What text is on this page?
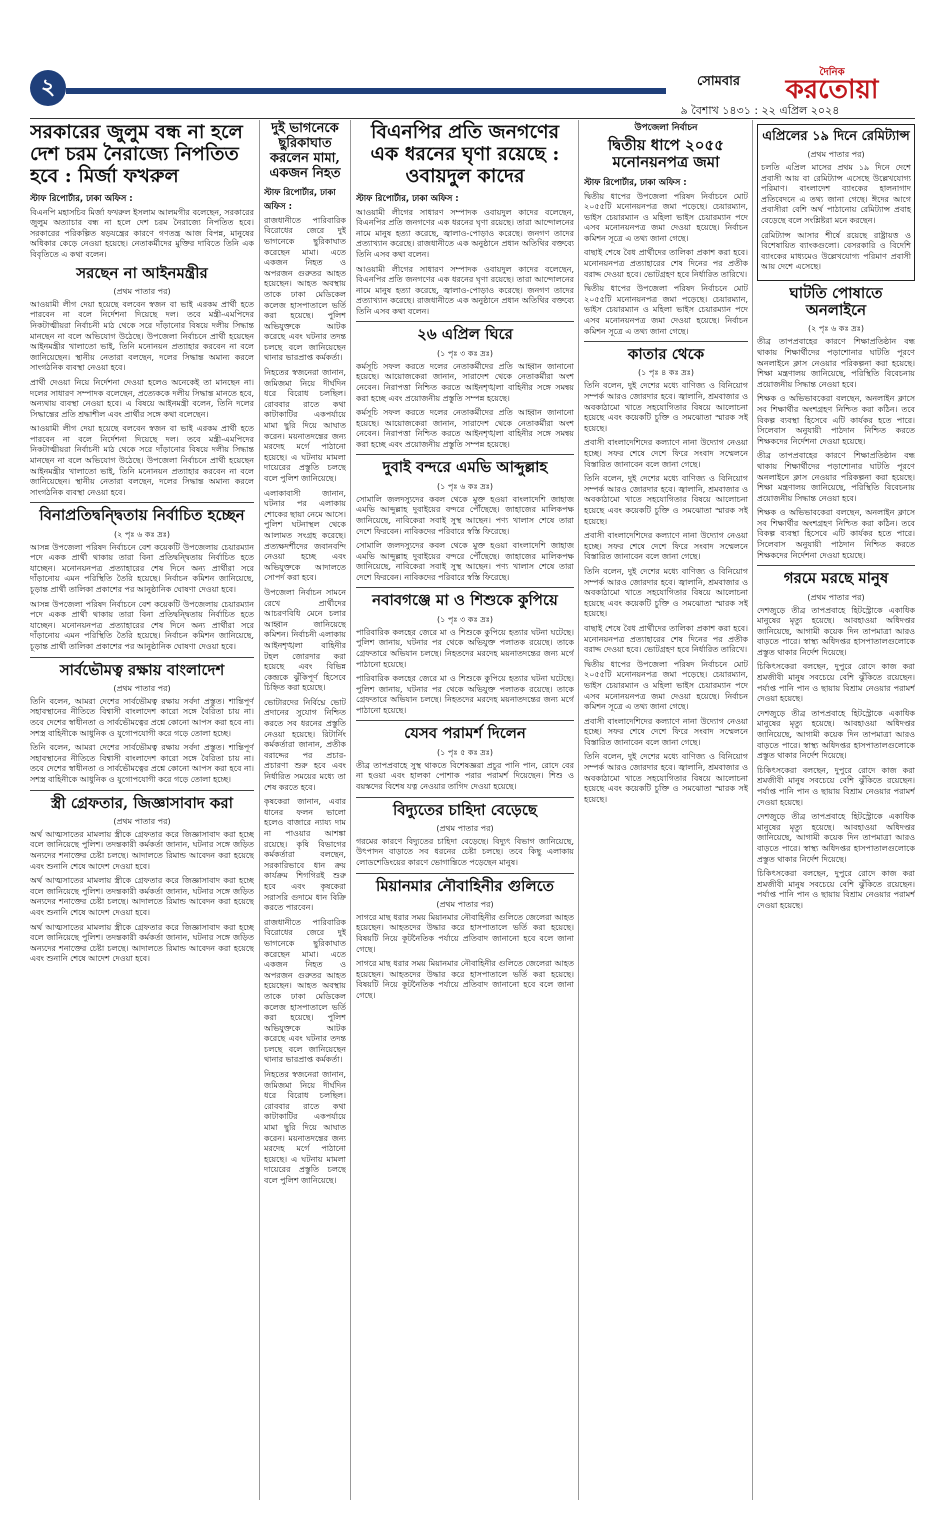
২	সোমবার
দৈনিক
করতোয়া
৯ বৈশাখ ১৪৩১ : ২২ এপ্রিল ২০২৪
সরকারের জুলুম বন্ধ না হলে দেশ চরম নৈরাজ্যে নিপতিত হবে : মির্জা ফখরুল
স্টাফ রিপোর্টার, ঢাকা অফিস :

বিএনপি মহাসচিব মির্জা ফখরুল ইসলাম আলমগীর বলেছেন, সরকারের জুলুম অত্যাচার বন্ধ না হলে দেশ চরম নৈরাজ্যে নিপতিত হবে। সরকারের পরিকল্পিত ষড়যন্ত্রের কারণে গণতন্ত্র আজ বিপন্ন, মানুষের অধিকার কেড়ে নেওয়া হয়েছে। নেতাকর্মীদের মুক্তির দাবিতে তিনি এক বিবৃতিতে এ কথা বলেন।

সরছেন না আইনমন্ত্রীর
(প্রথম পাতার পর)

আওয়ামী লীগ দেয়া হয়েছে বলবেন স্বজন বা ভাই এরকম প্রার্থী হতে পারবেন না বলে নির্দেশনা দিয়েছে দল। তবে মন্ত্রী-এমপিদের নিকটাত্মীয়রা নির্বাচনী মাঠ থেকে সরে দাঁড়ানোর বিষয়ে দলীয় সিদ্ধান্ত মানছেন না বলে অভিযোগ উঠেছে। উপজেলা নির্বাচনে প্রার্থী হয়েছেন আইনমন্ত্রীর খালাতো ভাই, তিনি মনোনয়ন প্রত্যাহার করবেন না বলে জানিয়েছেন। স্থানীয় নেতারা বলছেন, দলের সিদ্ধান্ত অমান্য করলে সাংগঠনিক ব্যবস্থা নেওয়া হবে।

প্রার্থী দেওয়া নিয়ে নির্দেশনা দেওয়া হলেও অনেকেই তা মানছেন না। দলের সাধারণ সম্পাদক বলেছেন, প্রত্যেককে দলীয় সিদ্ধান্ত মানতে হবে, অন্যথায় ব্যবস্থা নেওয়া হবে। এ বিষয়ে আইনমন্ত্রী বলেন, তিনি দলের সিদ্ধান্তের প্রতি শ্রদ্ধাশীল এবং প্রার্থীর সঙ্গে কথা বলেছেন।

আওয়ামী লীগ দেয়া হয়েছে বলবেন স্বজন বা ভাই এরকম প্রার্থী হতে পারবেন না বলে নির্দেশনা দিয়েছে দল। তবে মন্ত্রী-এমপিদের নিকটাত্মীয়রা নির্বাচনী মাঠ থেকে সরে দাঁড়ানোর বিষয়ে দলীয় সিদ্ধান্ত মানছেন না বলে অভিযোগ উঠেছে। উপজেলা নির্বাচনে প্রার্থী হয়েছেন আইনমন্ত্রীর খালাতো ভাই, তিনি মনোনয়ন প্রত্যাহার করবেন না বলে জানিয়েছেন। স্থানীয় নেতারা বলছেন, দলের সিদ্ধান্ত অমান্য করলে সাংগঠনিক ব্যবস্থা নেওয়া হবে।

বিনাপ্রতিদ্বন্দ্বিতায় নির্বাচিত হচ্ছেন
(২ পৃঃ ৬ কঃ দ্রঃ)

আসন্ন উপজেলা পরিষদ নির্বাচনে বেশ কয়েকটি উপজেলায় চেয়ারম্যান পদে একক প্রার্থী থাকায় তারা বিনা প্রতিদ্বন্দ্বিতায় নির্বাচিত হতে যাচ্ছেন। মনোনয়নপত্র প্রত্যাহারের শেষ দিনে অন্য প্রার্থীরা সরে দাঁড়ানোয় এমন পরিস্থিতি তৈরি হয়েছে। নির্বাচন কমিশন জানিয়েছে, চূড়ান্ত প্রার্থী তালিকা প্রকাশের পর আনুষ্ঠানিক ঘোষণা দেওয়া হবে।

আসন্ন উপজেলা পরিষদ নির্বাচনে বেশ কয়েকটি উপজেলায় চেয়ারম্যান পদে একক প্রার্থী থাকায় তারা বিনা প্রতিদ্বন্দ্বিতায় নির্বাচিত হতে যাচ্ছেন। মনোনয়নপত্র প্রত্যাহারের শেষ দিনে অন্য প্রার্থীরা সরে দাঁড়ানোয় এমন পরিস্থিতি তৈরি হয়েছে। নির্বাচন কমিশন জানিয়েছে, চূড়ান্ত প্রার্থী তালিকা প্রকাশের পর আনুষ্ঠানিক ঘোষণা দেওয়া হবে।

সার্বভৌমত্ব রক্ষায় বাংলাদেশ
(প্রথম পাতার পর)

তিনি বলেন, আমরা দেশের সার্বভৌমত্ব রক্ষায় সর্বদা প্রস্তুত। শান্তিপূর্ণ সহাবস্থানের নীতিতে বিশ্বাসী বাংলাদেশ কারো সঙ্গে বৈরিতা চায় না। তবে দেশের স্বাধীনতা ও সার্বভৌমত্বের প্রশ্নে কোনো আপস করা হবে না। সশস্ত্র বাহিনীকে আধুনিক ও যুগোপযোগী করে গড়ে তোলা হচ্ছে।

তিনি বলেন, আমরা দেশের সার্বভৌমত্ব রক্ষায় সর্বদা প্রস্তুত। শান্তিপূর্ণ সহাবস্থানের নীতিতে বিশ্বাসী বাংলাদেশ কারো সঙ্গে বৈরিতা চায় না। তবে দেশের স্বাধীনতা ও সার্বভৌমত্বের প্রশ্নে কোনো আপস করা হবে না। সশস্ত্র বাহিনীকে আধুনিক ও যুগোপযোগী করে গড়ে তোলা হচ্ছে।

স্ত্রী গ্রেফতার, জিজ্ঞাসাবাদ করা
(প্রথম পাতার পর)

অর্থ আত্মসাতের মামলায় স্ত্রীকে গ্রেফতার করে জিজ্ঞাসাবাদ করা হচ্ছে বলে জানিয়েছে পুলিশ। তদন্তকারী কর্মকর্তা জানান, ঘটনার সঙ্গে জড়িত অন্যদের শনাক্তের চেষ্টা চলছে। আদালতে রিমান্ড আবেদন করা হয়েছে এবং শুনানি শেষে আদেশ দেওয়া হবে।

অর্থ আত্মসাতের মামলায় স্ত্রীকে গ্রেফতার করে জিজ্ঞাসাবাদ করা হচ্ছে বলে জানিয়েছে পুলিশ। তদন্তকারী কর্মকর্তা জানান, ঘটনার সঙ্গে জড়িত অন্যদের শনাক্তের চেষ্টা চলছে। আদালতে রিমান্ড আবেদন করা হয়েছে এবং শুনানি শেষে আদেশ দেওয়া হবে।

অর্থ আত্মসাতের মামলায় স্ত্রীকে গ্রেফতার করে জিজ্ঞাসাবাদ করা হচ্ছে বলে জানিয়েছে পুলিশ। তদন্তকারী কর্মকর্তা জানান, ঘটনার সঙ্গে জড়িত অন্যদের শনাক্তের চেষ্টা চলছে। আদালতে রিমান্ড আবেদন করা হয়েছে এবং শুনানি শেষে আদেশ দেওয়া হবে।

দুই ভাগনেকে ছুরিকাঘাত করলেন মামা, একজন নিহত
স্টাফ রিপোর্টার, ঢাকা অফিস :

রাজধানীতে পারিবারিক বিরোধের জেরে দুই ভাগনেকে ছুরিকাঘাত করেছেন মামা। এতে একজন নিহত ও অপরজন গুরুতর আহত হয়েছেন। আহত অবস্থায় তাকে ঢাকা মেডিকেল কলেজ হাসপাতালে ভর্তি করা হয়েছে। পুলিশ অভিযুক্তকে আটক করেছে এবং ঘটনার তদন্ত চলছে বলে জানিয়েছেন থানার ভারপ্রাপ্ত কর্মকর্তা।

নিহতের স্বজনেরা জানান, জমিজমা নিয়ে দীর্ঘদিন ধরে বিরোধ চলছিল। রোববার রাতে কথা কাটাকাটির একপর্যায়ে মামা ছুরি দিয়ে আঘাত করেন। ময়নাতদন্তের জন্য মরদেহ মর্গে পাঠানো হয়েছে। এ ঘটনায় মামলা দায়েরের প্রস্তুতি চলছে বলে পুলিশ জানিয়েছে।

এলাকাবাসী জানান, ঘটনার পর এলাকায় শোকের ছায়া নেমে আসে। পুলিশ ঘটনাস্থল থেকে আলামত সংগ্রহ করেছে। প্রত্যক্ষদর্শীদের জবানবন্দি নেওয়া হচ্ছে এবং অভিযুক্তকে আদালতে সোপর্দ করা হবে।

উপজেলা নির্বাচন সামনে রেখে প্রার্থীদের আচরণবিধি মেনে চলার আহ্বান জানিয়েছে কমিশন। নির্বাচনী এলাকায় আইনশৃঙ্খলা বাহিনীর টহল জোরদার করা হয়েছে এবং বিভিন্ন কেন্দ্রকে ঝুঁকিপূর্ণ হিসেবে চিহ্নিত করা হয়েছে।

ভোটারদের নির্বিঘ্নে ভোট প্রদানের সুযোগ নিশ্চিত করতে সব ধরনের প্রস্তুতি নেওয়া হয়েছে। রিটার্নিং কর্মকর্তারা জানান, প্রতীক বরাদ্দের পর প্রচার-প্রচারণা শুরু হবে এবং নির্ধারিত সময়ের মধ্যে তা শেষ করতে হবে।

কৃষকেরা জানান, এবার ধানের ফলন ভালো হলেও বাজারে ন্যায্য দাম না পাওয়ার আশঙ্কা রয়েছে। কৃষি বিভাগের কর্মকর্তারা বলছেন, সরকারিভাবে ধান ক্রয় কার্যক্রম শিগগিরই শুরু হবে এবং কৃষকেরা সরাসরি গুদামে ধান বিক্রি করতে পারবেন।

রাজধানীতে পারিবারিক বিরোধের জেরে দুই ভাগনেকে ছুরিকাঘাত করেছেন মামা। এতে একজন নিহত ও অপরজন গুরুতর আহত হয়েছেন। আহত অবস্থায় তাকে ঢাকা মেডিকেল কলেজ হাসপাতালে ভর্তি করা হয়েছে। পুলিশ অভিযুক্তকে আটক করেছে এবং ঘটনার তদন্ত চলছে বলে জানিয়েছেন থানার ভারপ্রাপ্ত কর্মকর্তা।

নিহতের স্বজনেরা জানান, জমিজমা নিয়ে দীর্ঘদিন ধরে বিরোধ চলছিল। রোববার রাতে কথা কাটাকাটির একপর্যায়ে মামা ছুরি দিয়ে আঘাত করেন। ময়নাতদন্তের জন্য মরদেহ মর্গে পাঠানো হয়েছে। এ ঘটনায় মামলা দায়েরের প্রস্তুতি চলছে বলে পুলিশ জানিয়েছে।

বিএনপির প্রতি জনগণের এক ধরনের ঘৃণা রয়েছে : ওবায়দুল কাদের
স্টাফ রিপোর্টার, ঢাকা অফিস :

আওয়ামী লীগের সাধারণ সম্পাদক ওবায়দুল কাদের বলেছেন, বিএনপির প্রতি জনগণের এক ধরনের ঘৃণা রয়েছে। তারা আন্দোলনের নামে মানুষ হত্যা করেছে, জ্বালাও-পোড়াও করেছে। জনগণ তাদের প্রত্যাখ্যান করেছে। রাজধানীতে এক অনুষ্ঠানে প্রধান অতিথির বক্তব্যে তিনি এসব কথা বলেন।

আওয়ামী লীগের সাধারণ সম্পাদক ওবায়দুল কাদের বলেছেন, বিএনপির প্রতি জনগণের এক ধরনের ঘৃণা রয়েছে। তারা আন্দোলনের নামে মানুষ হত্যা করেছে, জ্বালাও-পোড়াও করেছে। জনগণ তাদের প্রত্যাখ্যান করেছে। রাজধানীতে এক অনুষ্ঠানে প্রধান অতিথির বক্তব্যে তিনি এসব কথা বলেন।

২৬ এপ্রিল ঘিরে
(১ পৃঃ ৩ কঃ দ্রঃ)

কর্মসূচি সফল করতে দলের নেতাকর্মীদের প্রতি আহ্বান জানানো হয়েছে। আয়োজকেরা জানান, সারাদেশ থেকে নেতাকর্মীরা অংশ নেবেন। নিরাপত্তা নিশ্চিত করতে আইনশৃঙ্খলা বাহিনীর সঙ্গে সমন্বয় করা হচ্ছে এবং প্রয়োজনীয় প্রস্তুতি সম্পন্ন হয়েছে।

কর্মসূচি সফল করতে দলের নেতাকর্মীদের প্রতি আহ্বান জানানো হয়েছে। আয়োজকেরা জানান, সারাদেশ থেকে নেতাকর্মীরা অংশ নেবেন। নিরাপত্তা নিশ্চিত করতে আইনশৃঙ্খলা বাহিনীর সঙ্গে সমন্বয় করা হচ্ছে এবং প্রয়োজনীয় প্রস্তুতি সম্পন্ন হয়েছে।

দুবাই বন্দরে এমভি আব্দুল্লাহ
(১ পৃঃ ৬ কঃ দ্রঃ)

সোমালি জলদস্যুদের কবল থেকে মুক্ত হওয়া বাংলাদেশি জাহাজ এমভি আব্দুল্লাহ দুবাইয়ের বন্দরে পৌঁছেছে। জাহাজের মালিকপক্ষ জানিয়েছে, নাবিকেরা সবাই সুস্থ আছেন। পণ্য খালাস শেষে তারা দেশে ফিরবেন। নাবিকদের পরিবারে স্বস্তি ফিরেছে।

সোমালি জলদস্যুদের কবল থেকে মুক্ত হওয়া বাংলাদেশি জাহাজ এমভি আব্দুল্লাহ দুবাইয়ের বন্দরে পৌঁছেছে। জাহাজের মালিকপক্ষ জানিয়েছে, নাবিকেরা সবাই সুস্থ আছেন। পণ্য খালাস শেষে তারা দেশে ফিরবেন। নাবিকদের পরিবারে স্বস্তি ফিরেছে।

নবাবগঞ্জে মা ও শিশুকে কুপিয়ে
(১ পৃঃ ৩ কঃ দ্রঃ)

পারিবারিক কলহের জেরে মা ও শিশুকে কুপিয়ে হত্যার ঘটনা ঘটেছে। পুলিশ জানায়, ঘটনার পর থেকে অভিযুক্ত পলাতক রয়েছে। তাকে গ্রেফতারে অভিযান চলছে। নিহতদের মরদেহ ময়নাতদন্তের জন্য মর্গে পাঠানো হয়েছে।

পারিবারিক কলহের জেরে মা ও শিশুকে কুপিয়ে হত্যার ঘটনা ঘটেছে। পুলিশ জানায়, ঘটনার পর থেকে অভিযুক্ত পলাতক রয়েছে। তাকে গ্রেফতারে অভিযান চলছে। নিহতদের মরদেহ ময়নাতদন্তের জন্য মর্গে পাঠানো হয়েছে।

যেসব পরামর্শ দিলেন
(১ পৃঃ ৫ কঃ দ্রঃ)

তীব্র তাপপ্রবাহে সুস্থ থাকতে বিশেষজ্ঞরা প্রচুর পানি পান, রোদে বের না হওয়া এবং হালকা পোশাক পরার পরামর্শ দিয়েছেন। শিশু ও বয়স্কদের বিশেষ যত্ন নেওয়ার তাগিদ দেওয়া হয়েছে।

বিদ্যুতের চাহিদা বেড়েছে
(প্রথম পাতার পর)

গরমের কারণে বিদ্যুতের চাহিদা বেড়েছে। বিদ্যুৎ বিভাগ জানিয়েছে, উৎপাদন বাড়াতে সব ধরনের চেষ্টা চলছে। তবে কিছু এলাকায় লোডশেডিংয়ের কারণে ভোগান্তিতে পড়েছেন মানুষ।

মিয়ানমার নৌবাহিনীর গুলিতে
(প্রথম পাতার পর)

সাগরে মাছ ধরার সময় মিয়ানমার নৌবাহিনীর গুলিতে জেলেরা আহত হয়েছেন। আহতদের উদ্ধার করে হাসপাতালে ভর্তি করা হয়েছে। বিষয়টি নিয়ে কূটনৈতিক পর্যায়ে প্রতিবাদ জানানো হবে বলে জানা গেছে।

সাগরে মাছ ধরার সময় মিয়ানমার নৌবাহিনীর গুলিতে জেলেরা আহত হয়েছেন। আহতদের উদ্ধার করে হাসপাতালে ভর্তি করা হয়েছে। বিষয়টি নিয়ে কূটনৈতিক পর্যায়ে প্রতিবাদ জানানো হবে বলে জানা গেছে।

উপজেলা নির্বাচন
দ্বিতীয় ধাপে ২০৫৫ মনোনয়নপত্র জমা
স্টাফ রিপোর্টার, ঢাকা অফিস :

দ্বিতীয় ধাপের উপজেলা পরিষদ নির্বাচনে মোট ২০৫৫টি মনোনয়নপত্র জমা পড়েছে। চেয়ারম্যান, ভাইস চেয়ারম্যান ও মহিলা ভাইস চেয়ারম্যান পদে এসব মনোনয়নপত্র জমা দেওয়া হয়েছে। নির্বাচন কমিশন সূত্রে এ তথ্য জানা গেছে।

বাছাই শেষে বৈধ প্রার্থীদের তালিকা প্রকাশ করা হবে। মনোনয়নপত্র প্রত্যাহারের শেষ দিনের পর প্রতীক বরাদ্দ দেওয়া হবে। ভোটগ্রহণ হবে নির্ধারিত তারিখে।

দ্বিতীয় ধাপের উপজেলা পরিষদ নির্বাচনে মোট ২০৫৫টি মনোনয়নপত্র জমা পড়েছে। চেয়ারম্যান, ভাইস চেয়ারম্যান ও মহিলা ভাইস চেয়ারম্যান পদে এসব মনোনয়নপত্র জমা দেওয়া হয়েছে। নির্বাচন কমিশন সূত্রে এ তথ্য জানা গেছে।

কাতার থেকে
(১ পৃঃ ৪ কঃ দ্রঃ)

তিনি বলেন, দুই দেশের মধ্যে বাণিজ্য ও বিনিয়োগ সম্পর্ক আরও জোরদার হবে। জ্বালানি, শ্রমবাজার ও অবকাঠামো খাতে সহযোগিতার বিষয়ে আলোচনা হয়েছে এবং কয়েকটি চুক্তি ও সমঝোতা স্মারক সই হয়েছে।

প্রবাসী বাংলাদেশিদের কল্যাণে নানা উদ্যোগ নেওয়া হচ্ছে। সফর শেষে দেশে ফিরে সংবাদ সম্মেলনে বিস্তারিত জানাবেন বলে জানা গেছে।

তিনি বলেন, দুই দেশের মধ্যে বাণিজ্য ও বিনিয়োগ সম্পর্ক আরও জোরদার হবে। জ্বালানি, শ্রমবাজার ও অবকাঠামো খাতে সহযোগিতার বিষয়ে আলোচনা হয়েছে এবং কয়েকটি চুক্তি ও সমঝোতা স্মারক সই হয়েছে।

প্রবাসী বাংলাদেশিদের কল্যাণে নানা উদ্যোগ নেওয়া হচ্ছে। সফর শেষে দেশে ফিরে সংবাদ সম্মেলনে বিস্তারিত জানাবেন বলে জানা গেছে।

তিনি বলেন, দুই দেশের মধ্যে বাণিজ্য ও বিনিয়োগ সম্পর্ক আরও জোরদার হবে। জ্বালানি, শ্রমবাজার ও অবকাঠামো খাতে সহযোগিতার বিষয়ে আলোচনা হয়েছে এবং কয়েকটি চুক্তি ও সমঝোতা স্মারক সই হয়েছে।

বাছাই শেষে বৈধ প্রার্থীদের তালিকা প্রকাশ করা হবে। মনোনয়নপত্র প্রত্যাহারের শেষ দিনের পর প্রতীক বরাদ্দ দেওয়া হবে। ভোটগ্রহণ হবে নির্ধারিত তারিখে।

দ্বিতীয় ধাপের উপজেলা পরিষদ নির্বাচনে মোট ২০৫৫টি মনোনয়নপত্র জমা পড়েছে। চেয়ারম্যান, ভাইস চেয়ারম্যান ও মহিলা ভাইস চেয়ারম্যান পদে এসব মনোনয়নপত্র জমা দেওয়া হয়েছে। নির্বাচন কমিশন সূত্রে এ তথ্য জানা গেছে।

প্রবাসী বাংলাদেশিদের কল্যাণে নানা উদ্যোগ নেওয়া হচ্ছে। সফর শেষে দেশে ফিরে সংবাদ সম্মেলনে বিস্তারিত জানাবেন বলে জানা গেছে।

তিনি বলেন, দুই দেশের মধ্যে বাণিজ্য ও বিনিয়োগ সম্পর্ক আরও জোরদার হবে। জ্বালানি, শ্রমবাজার ও অবকাঠামো খাতে সহযোগিতার বিষয়ে আলোচনা হয়েছে এবং কয়েকটি চুক্তি ও সমঝোতা স্মারক সই হয়েছে।

এপ্রিলের ১৯ দিনে রেমিট্যান্স
(প্রথম পাতার পর)

চলতি এপ্রিল মাসের প্রথম ১৯ দিনে দেশে প্রবাসী আয় বা রেমিট্যান্স এসেছে উল্লেখযোগ্য পরিমাণ। বাংলাদেশ ব্যাংকের হালনাগাদ প্রতিবেদনে এ তথ্য জানা গেছে। ঈদের আগে প্রবাসীরা বেশি অর্থ পাঠানোয় রেমিট্যান্স প্রবাহ বেড়েছে বলে সংশ্লিষ্টরা মনে করছেন।

রেমিট্যান্স আসার শীর্ষে রয়েছে রাষ্ট্রায়ত্ত ও বিশেষায়িত ব্যাংকগুলো। বেসরকারি ও বিদেশি ব্যাংকের মাধ্যমেও উল্লেখযোগ্য পরিমাণ প্রবাসী আয় দেশে এসেছে।

ঘাটতি পোষাতে অনলাইনে
(২ পৃঃ ৬ কঃ দ্রঃ)

তীব্র তাপপ্রবাহের কারণে শিক্ষাপ্রতিষ্ঠান বন্ধ থাকায় শিক্ষার্থীদের পড়াশোনার ঘাটতি পূরণে অনলাইনে ক্লাস নেওয়ার পরিকল্পনা করা হয়েছে। শিক্ষা মন্ত্রণালয় জানিয়েছে, পরিস্থিতি বিবেচনায় প্রয়োজনীয় সিদ্ধান্ত নেওয়া হবে।

শিক্ষক ও অভিভাবকেরা বলছেন, অনলাইন ক্লাসে সব শিক্ষার্থীর অংশগ্রহণ নিশ্চিত করা কঠিন। তবে বিকল্প ব্যবস্থা হিসেবে এটি কার্যকর হতে পারে। সিলেবাস অনুযায়ী পাঠদান নিশ্চিত করতে শিক্ষকদের নির্দেশনা দেওয়া হয়েছে।

তীব্র তাপপ্রবাহের কারণে শিক্ষাপ্রতিষ্ঠান বন্ধ থাকায় শিক্ষার্থীদের পড়াশোনার ঘাটতি পূরণে অনলাইনে ক্লাস নেওয়ার পরিকল্পনা করা হয়েছে। শিক্ষা মন্ত্রণালয় জানিয়েছে, পরিস্থিতি বিবেচনায় প্রয়োজনীয় সিদ্ধান্ত নেওয়া হবে।

শিক্ষক ও অভিভাবকেরা বলছেন, অনলাইন ক্লাসে সব শিক্ষার্থীর অংশগ্রহণ নিশ্চিত করা কঠিন। তবে বিকল্প ব্যবস্থা হিসেবে এটি কার্যকর হতে পারে। সিলেবাস অনুযায়ী পাঠদান নিশ্চিত করতে শিক্ষকদের নির্দেশনা দেওয়া হয়েছে।

গরমে মরছে মানুষ
(প্রথম পাতার পর)

দেশজুড়ে তীব্র তাপপ্রবাহে হিটস্ট্রোকে একাধিক মানুষের মৃত্যু হয়েছে। আবহাওয়া অধিদপ্তর জানিয়েছে, আগামী কয়েক দিন তাপমাত্রা আরও বাড়তে পারে। স্বাস্থ্য অধিদপ্তর হাসপাতালগুলোকে প্রস্তুত থাকার নির্দেশ দিয়েছে।

চিকিৎসকেরা বলছেন, দুপুরে রোদে কাজ করা শ্রমজীবী মানুষ সবচেয়ে বেশি ঝুঁকিতে রয়েছেন। পর্যাপ্ত পানি পান ও ছায়ায় বিশ্রাম নেওয়ার পরামর্শ দেওয়া হয়েছে।

দেশজুড়ে তীব্র তাপপ্রবাহে হিটস্ট্রোকে একাধিক মানুষের মৃত্যু হয়েছে। আবহাওয়া অধিদপ্তর জানিয়েছে, আগামী কয়েক দিন তাপমাত্রা আরও বাড়তে পারে। স্বাস্থ্য অধিদপ্তর হাসপাতালগুলোকে প্রস্তুত থাকার নির্দেশ দিয়েছে।

চিকিৎসকেরা বলছেন, দুপুরে রোদে কাজ করা শ্রমজীবী মানুষ সবচেয়ে বেশি ঝুঁকিতে রয়েছেন। পর্যাপ্ত পানি পান ও ছায়ায় বিশ্রাম নেওয়ার পরামর্শ দেওয়া হয়েছে।

দেশজুড়ে তীব্র তাপপ্রবাহে হিটস্ট্রোকে একাধিক মানুষের মৃত্যু হয়েছে। আবহাওয়া অধিদপ্তর জানিয়েছে, আগামী কয়েক দিন তাপমাত্রা আরও বাড়তে পারে। স্বাস্থ্য অধিদপ্তর হাসপাতালগুলোকে প্রস্তুত থাকার নির্দেশ দিয়েছে।

চিকিৎসকেরা বলছেন, দুপুরে রোদে কাজ করা শ্রমজীবী মানুষ সবচেয়ে বেশি ঝুঁকিতে রয়েছেন। পর্যাপ্ত পানি পান ও ছায়ায় বিশ্রাম নেওয়ার পরামর্শ দেওয়া হয়েছে।
